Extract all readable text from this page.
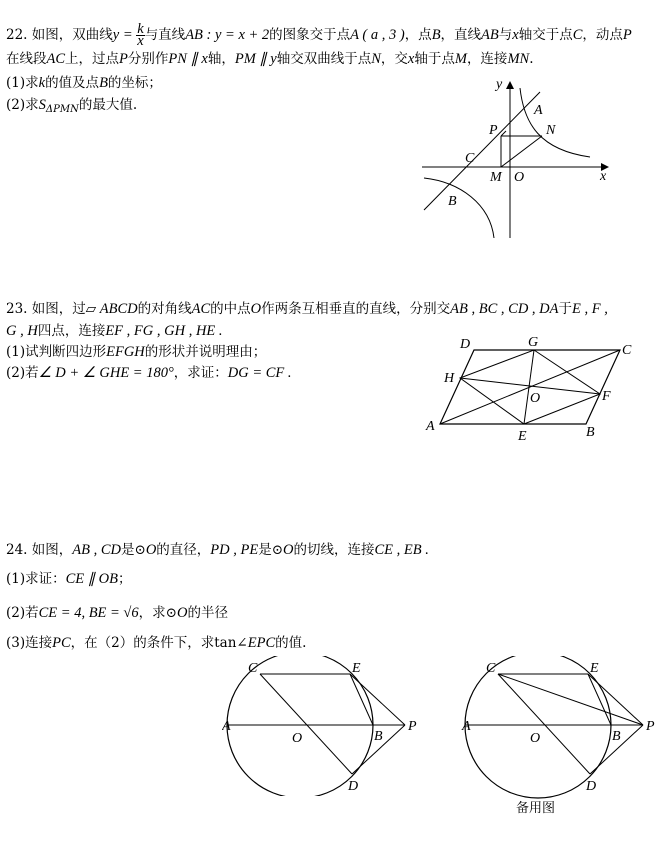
22. 如图，双曲线$y = \frac{k}{x}$ 与直线AB : y = x + 2的图象交于点A ( a , 3 )，点B，直线AB与x轴交于点C，动点P
在线段AC上，过点P分别作PN ∥ x轴，PM ∥ y轴交双曲线于点N，交x轴于点M，连接MN.
(1)求k的值及点B的坐标；
(2)求$S_{\Delta PMN}$的最大值.
y
x
A
N
P
C
M O
B
23. 如图，过▱ ABCD的对角线AC的中点O作两条互相垂直的直线，分别交AB , BC , CD , DA于E , F ,
G , H四点，连接EF , FG , GH , HE .
(1)试判断四边形EFGH的形状并说明理由；
(2)若∠ D + ∠ GHE = 180°，求证：DG = CF .
D	G
C
H
O	F
A
E	B
24. 如图，AB , CD是⊙O的直径，PD , PE是⊙O的切线，连接CE , EB .
(1)求证：CE ∥ OB；
(2)若CE = 4, BE = √6，求⊙O的半径
(3)连接PC，在（2）的条件下，求tan∠EPC的值.
C	E
A
O	B
P
D
C	E
A
O	B
P
D
备用图
